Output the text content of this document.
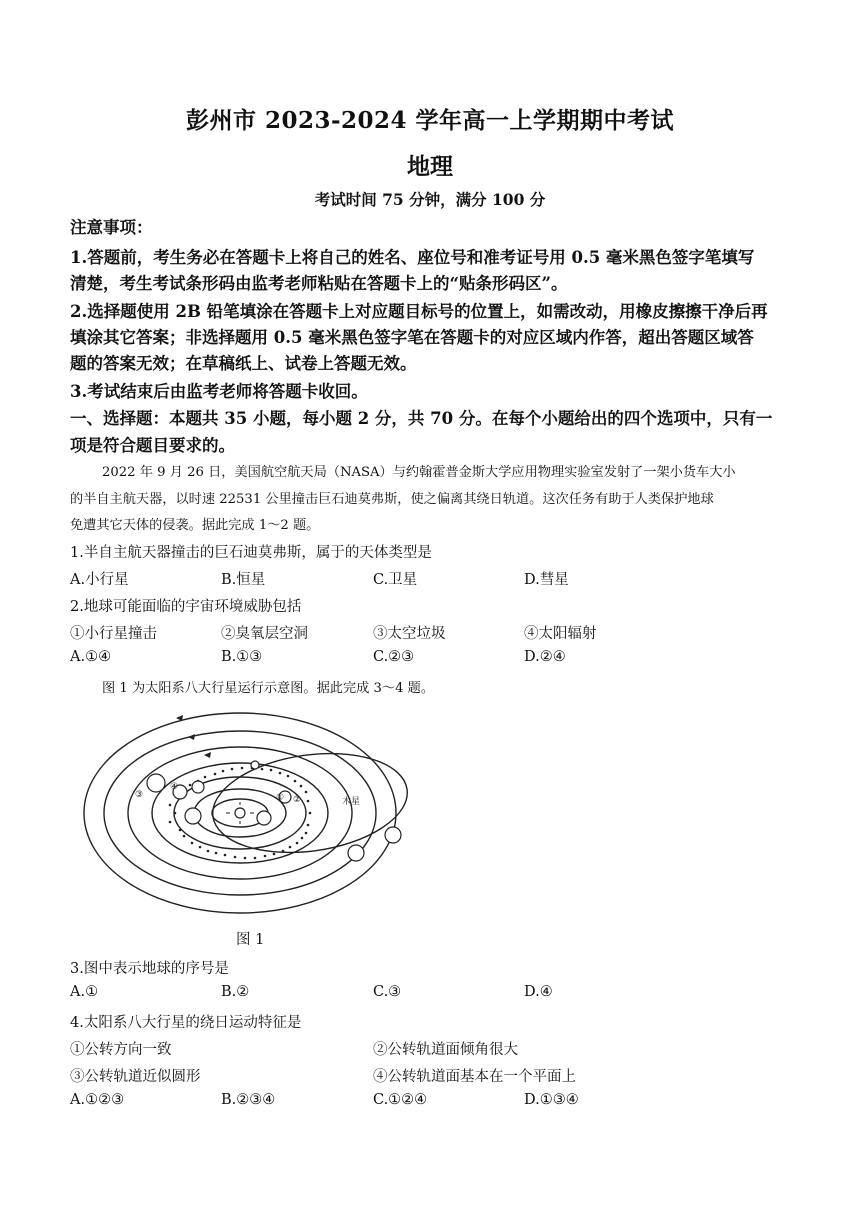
彭州市 2023-2024 学年高一上学期期中考试
地理
考试时间 75 分钟，满分 100 分
注意事项：
1.答题前，考生务必在答题卡上将自己的姓名、座位号和准考证号用 0.5 毫米黑色签字笔填写
清楚，考生考试条形码由监考老师粘贴在答题卡上的“贴条形码区”。
2.选择题使用 2B 铅笔填涂在答题卡上对应题目标号的位置上，如需改动，用橡皮擦擦干净后再
填涂其它答案；非选择题用 0.5 毫米黑色签字笔在答题卡的对应区域内作答，超出答题区域答
题的答案无效；在草稿纸上、试卷上答题无效。
3.考试结束后由监考老师将答题卡收回。
一、选择题：本题共 35 小题，每小题 2 分，共 70 分。在每个小题给出的四个选项中，只有一
项是符合题目要求的。
2022 年 9 月 26 日，美国航空航天局（NASA）与约翰霍普金斯大学应用物理实验室发射了一架小货车大小
的半自主航天器，以时速 22531 公里撞击巨石迪莫弗斯，使之偏离其绕日轨道。这次任务有助于人类保护地球
免遭其它天体的侵袭。据此完成 1～2 题。
1.半自主航天器撞击的巨石迪莫弗斯，属于的天体类型是
A.小行星	B.恒星	C.卫星	D.彗星
2.地球可能面临的宇宙环境威胁包括
①小行星撞击	②臭氧层空洞	③太空垃圾	④太阳辐射
A.①④	B.①③	C.②③	D.②④
图 1 为太阳系八大行星运行示意图。据此完成 3～4 题。
④
③	① ②	木星
图 1
3.图中表示地球的序号是
A.①	B.②	C.③	D.④
4.太阳系八大行星的绕日运动特征是
①公转方向一致	②公转轨道面倾角很大
③公转轨道近似圆形	④公转轨道面基本在一个平面上
A.①②③	B.②③④	C.①②④	D.①③④
